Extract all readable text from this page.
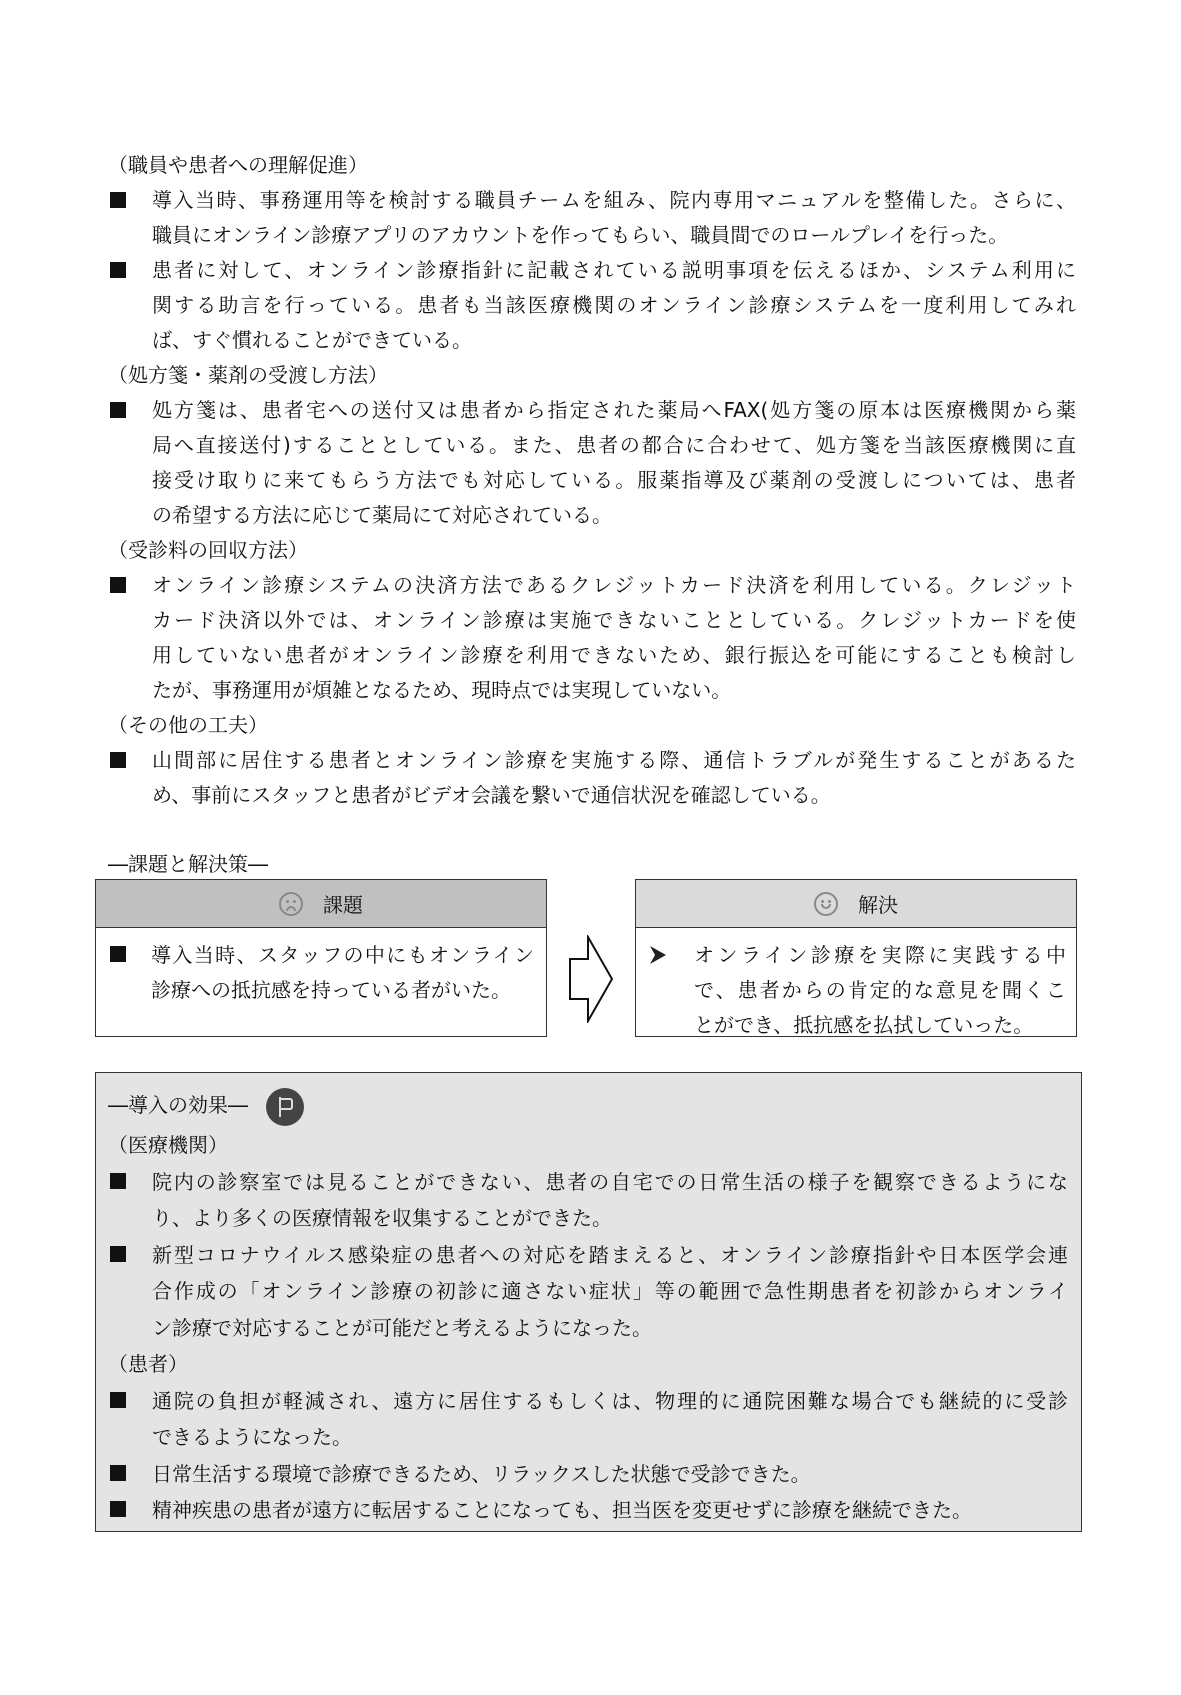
（職員や患者への理解促進）
導入当時、事務運用等を検討する職員チームを組み、院内専用マニュアルを整備した。さらに、
職員にオンライン診療アプリのアカウントを作ってもらい、職員間でのロールプレイを行った。
患者に対して、オンライン診療指針に記載されている説明事項を伝えるほか、システム利用に
関する助言を行っている。患者も当該医療機関のオンライン診療システムを一度利用してみれ
ば、すぐ慣れることができている。
（処方箋・薬剤の受渡し方法）
処方箋は、患者宅への送付又は患者から指定された薬局へFAX(処方箋の原本は医療機関から薬
局へ直接送付)することとしている。また、患者の都合に合わせて、処方箋を当該医療機関に直
接受け取りに来てもらう方法でも対応している。服薬指導及び薬剤の受渡しについては、患者
の希望する方法に応じて薬局にて対応されている。
（受診料の回収方法）
オンライン診療システムの決済方法であるクレジットカード決済を利用している。クレジット
カード決済以外では、オンライン診療は実施できないこととしている。クレジットカードを使
用していない患者がオンライン診療を利用できないため、銀行振込を可能にすることも検討し
たが、事務運用が煩雑となるため、現時点では実現していない。
（その他の工夫）
山間部に居住する患者とオンライン診療を実施する際、通信トラブルが発生することがあるた
め、事前にスタッフと患者がビデオ会議を繋いで通信状況を確認している。
―課題と解決策―
課題
導入当時、スタッフの中にもオンライン
診療への抵抗感を持っている者がいた。
解決
オンライン診療を実際に実践する中
で、患者からの肯定的な意見を聞くこ
とができ、抵抗感を払拭していった。
―導入の効果―
（医療機関）
院内の診察室では見ることができない、患者の自宅での日常生活の様子を観察できるようにな
り、より多くの医療情報を収集することができた。
新型コロナウイルス感染症の患者への対応を踏まえると、オンライン診療指針や日本医学会連
合作成の「オンライン診療の初診に適さない症状」等の範囲で急性期患者を初診からオンライ
ン診療で対応することが可能だと考えるようになった。
（患者）
通院の負担が軽減され、遠方に居住するもしくは、物理的に通院困難な場合でも継続的に受診
できるようになった。
日常生活する環境で診療できるため、リラックスした状態で受診できた。
精神疾患の患者が遠方に転居することになっても、担当医を変更せずに診療を継続できた。
